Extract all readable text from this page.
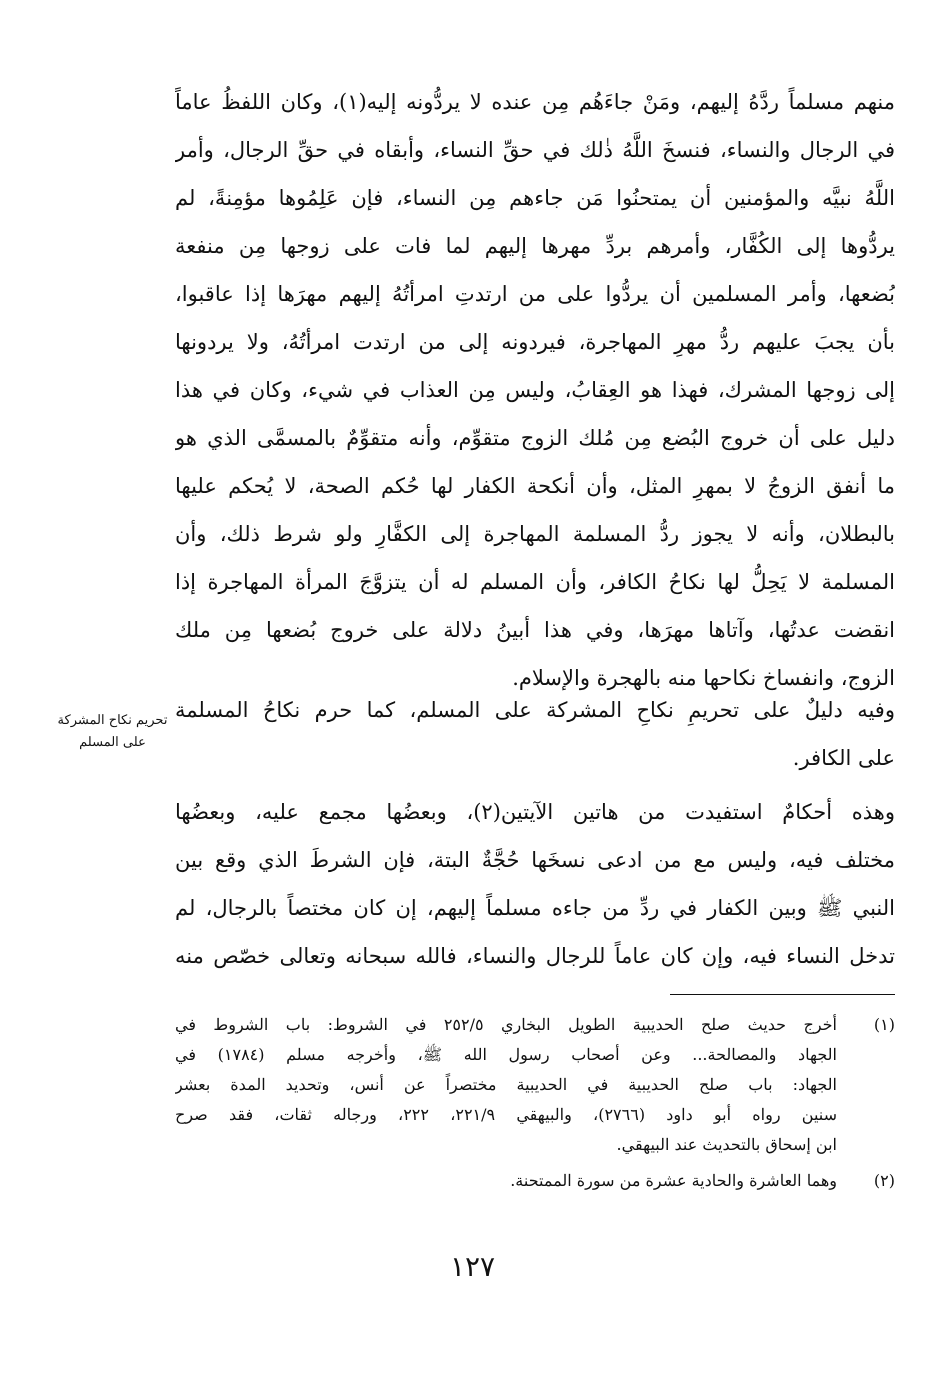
منهم مسلماً ردَّهُ إليهم، ومَنْ جاءَهُم مِن عنده لا يردُّونه إليه(١)، وكان اللفظُ عاماً
في الرجال والنساء، فنسخَ اللَّهُ ذٰلك في حقِّ النساء، وأبقاه في حقِّ الرجال، وأمر
اللَّهُ نبيَّه والمؤمنين أن يمتحنُوا مَن جاءهم مِن النساء، فإن عَلِمُوها مؤمِنةً، لم
يردُّوها إلى الكُفَّار، وأمرهم بردِّ مهرها إليهم لما فات على زوجها مِن منفعة
بُضعها، وأمر المسلمين أن يردُّوا على من ارتدتِ امرأتُهُ إليهم مهرَها إذا عاقبوا،
بأن يجبَ عليهم ردُّ مهرِ المهاجرة، فيردونه إلى من ارتدت امرأتُهُ، ولا يردونها
إلى زوجها المشرك، فهذا هو العِقابُ، وليس مِن العذاب في شيء، وكان في هذا
دليل على أن خروج البُضع مِن مُلك الزوج متقوِّم، وأنه متقوِّمٌ بالمسمَّى الذي هو
ما أنفق الزوجُ لا بمهرِ المثل، وأن أنكحة الكفار لها حُكم الصحة، لا يُحكم عليها
بالبطلان، وأنه لا يجوز ردُّ المسلمة المهاجرة إلى الكفَّارِ ولو شرط ذلك، وأن
المسلمة لا يَحِلُّ لها نكاحُ الكافر، وأن المسلم له أن يتزوَّجَ المرأة المهاجرة إذا
انقضت عدتُها، وآتاها مهرَها، وفي هذا أبينُ دلالة على خروج بُضعها مِن ملك
الزوج، وانفساخ نكاحها منه بالهجرة والإسلام.
وفيه دليلٌ على تحريمِ نكاحِ المشركة على المسلم، كما حرم نكاحُ المسلمة
على الكافر.
تحريم نكاح المشركة
على المسلم
وهذه أحكامٌ استفيدت من هاتين الآيتين(٢)، وبعضُها مجمع عليه، وبعضُها
مختلف فيه، وليس مع من ادعى نسخَها حُجَّةٌ البتة، فإن الشرطَ الذي وقع بين
النبي ﷺ وبين الكفار في ردِّ من جاءه مسلماً إليهم، إن كان مختصاً بالرجال، لم
تدخل النساء فيه، وإن كان عاماً للرجال والنساء، فالله سبحانه وتعالى خصّص منه
(١)
أخرج حديث صلح الحديبية الطويل البخاري ٢٥٢/٥ في الشروط: باب الشروط في
الجهاد والمصالحة... وعن أصحاب رسول الله ﷺ، وأخرجه مسلم (١٧٨٤) في
الجهاد: باب صلح الحديبية في الحديبية مختصراً عن أنس، وتحديد المدة بعشر
سنين رواه أبو داود (٢٧٦٦)، والبيهقي ٢٢١/٩، ٢٢٢، ورجاله ثقات، فقد صرح
ابن إسحاق بالتحديث عند البيهقي.
(٢)
وهما العاشرة والحادية عشرة من سورة الممتحنة.
١٢٧
